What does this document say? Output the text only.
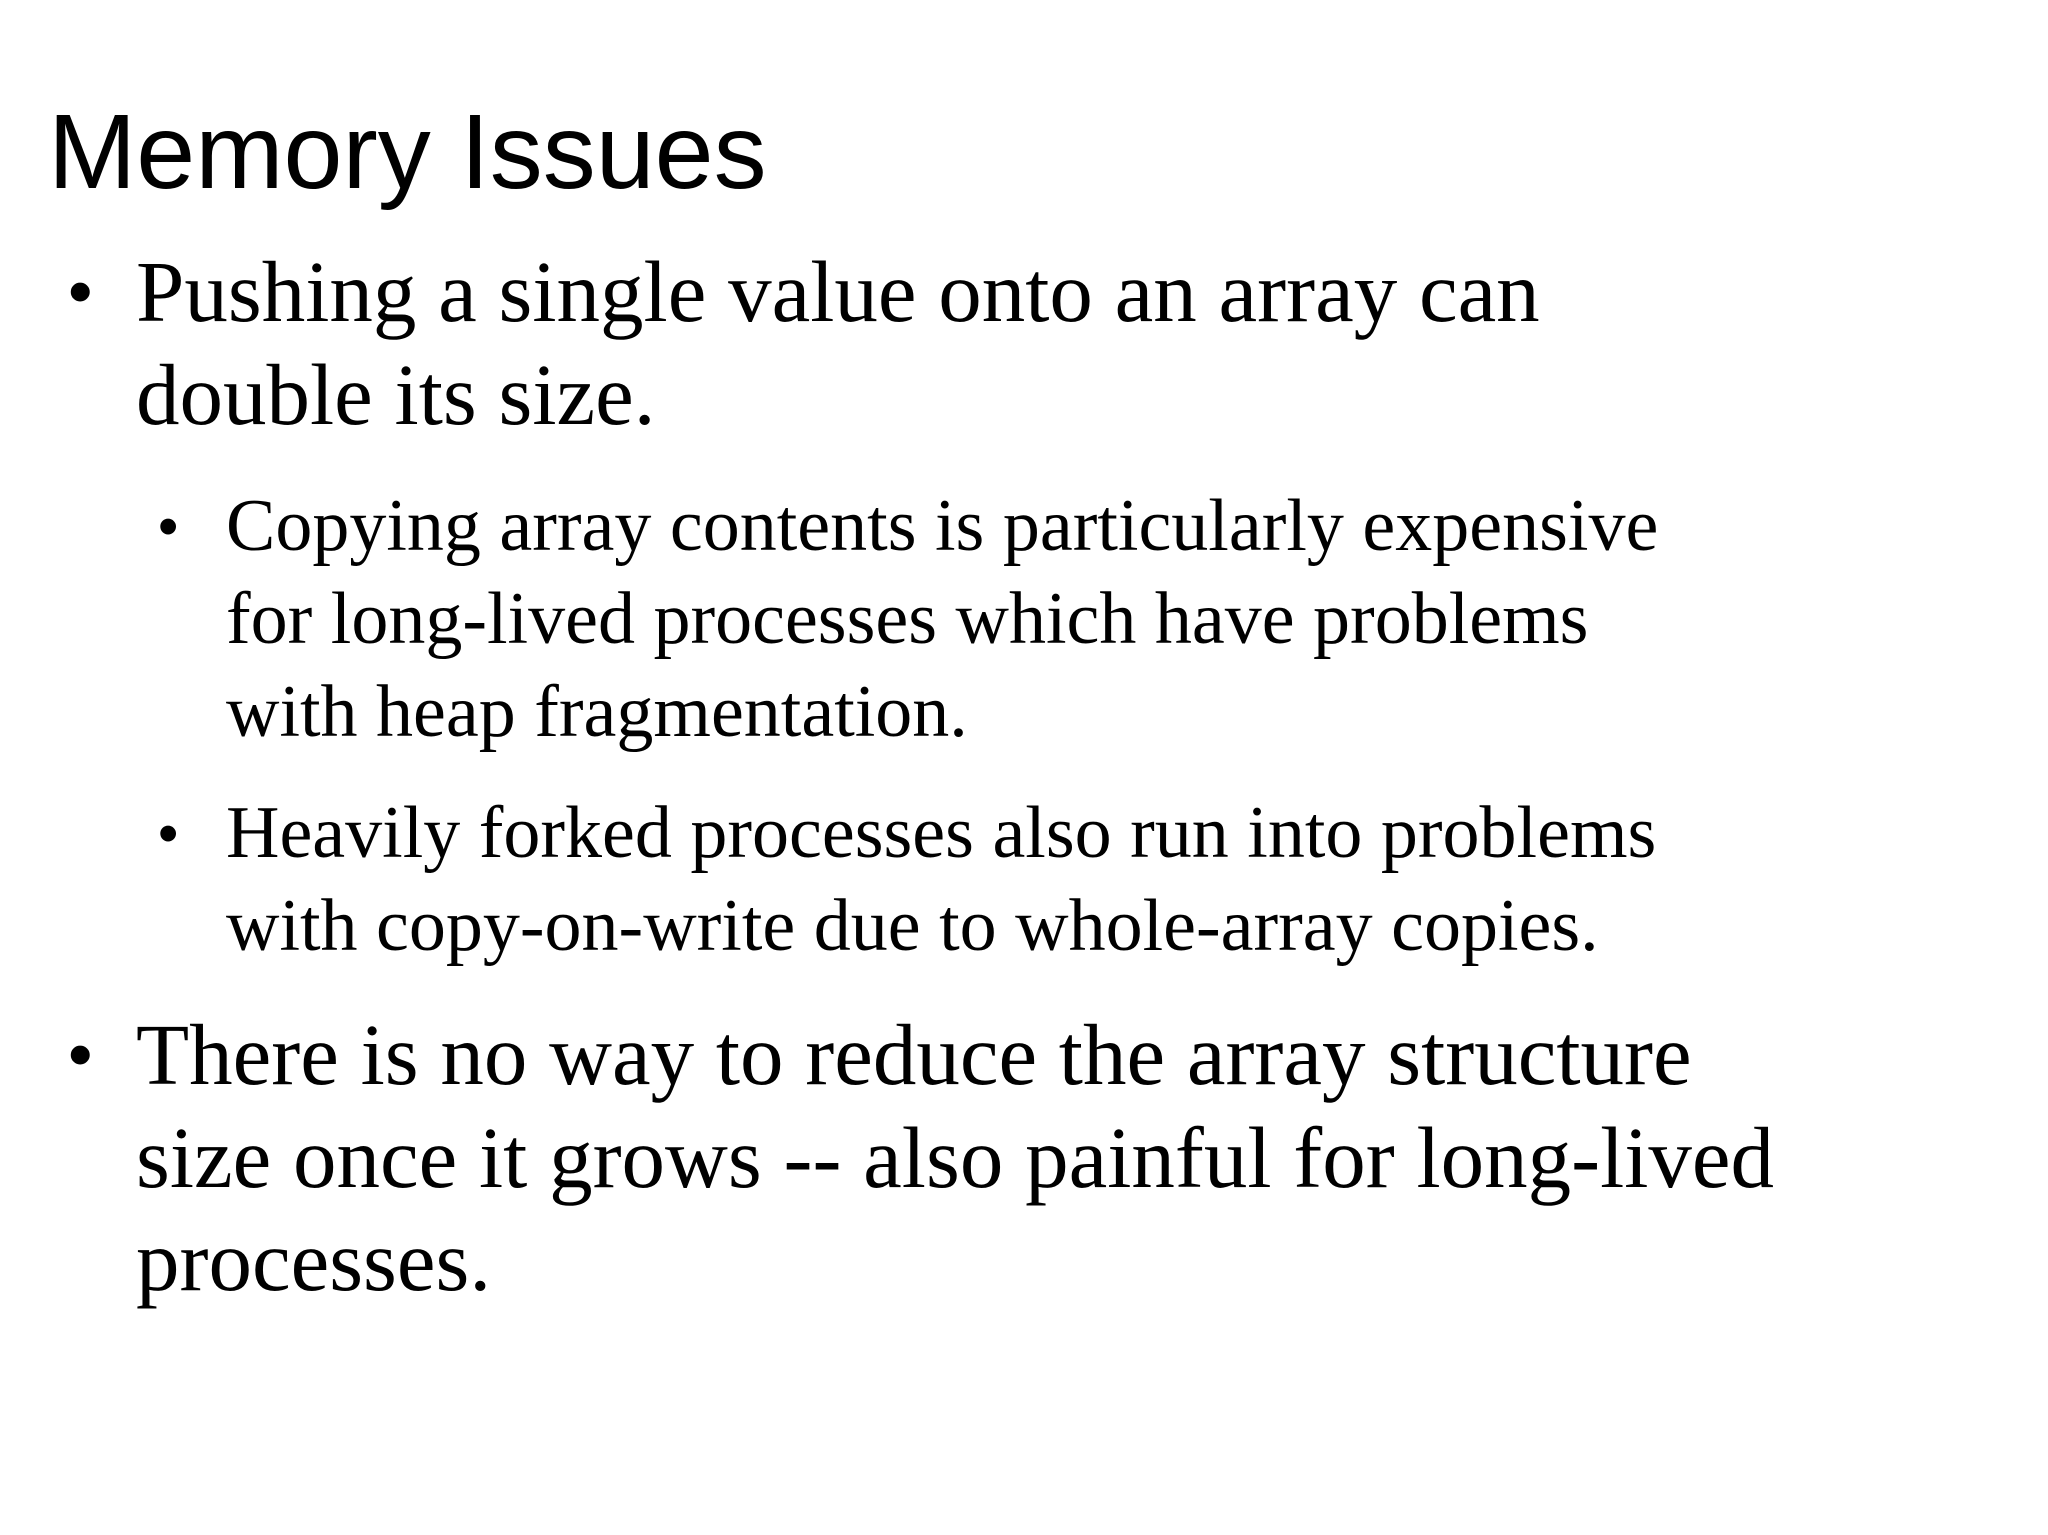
Memory Issues
• Pushing a single value onto an array can
double its size.
• Copying array contents is particularly expensive
for long-lived processes which have problems
with heap fragmentation.
• Heavily forked processes also run into problems
with copy-on-write due to whole-array copies.
• There is no way to reduce the array structure
size once it grows -- also painful for long-lived
processes.
